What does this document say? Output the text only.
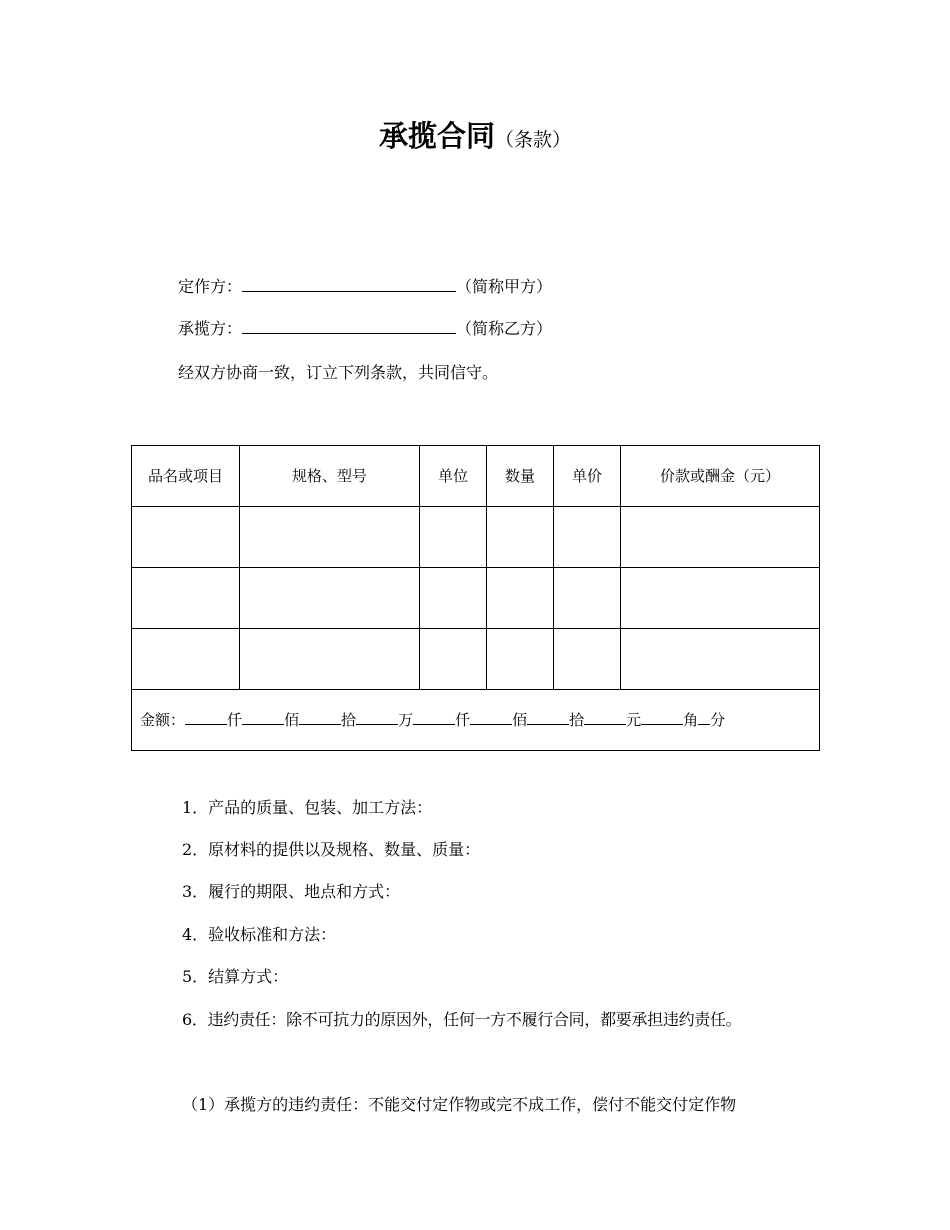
承揽合同（条款）
定作方：	（简称甲方）
承揽方：	（简称乙方）
经双方协商一致，订立下列条款，共同信守。
品名或项目	规格、型号	单位	数量	单价	价款或酬金（元）

金额： 仟 佰 拾 万 仟 佰 拾 元 角 分					
1．产品的质量、包装、加工方法：
2．原材料的提供以及规格、数量、质量：
3．履行的期限、地点和方式：
4．验收标准和方法：
5．结算方式：
6．违约责任：除不可抗力的原因外，任何一方不履行合同，都要承担违约责任。
（1）承揽方的违约责任：不能交付定作物或完不成工作，偿付不能交付定作物
